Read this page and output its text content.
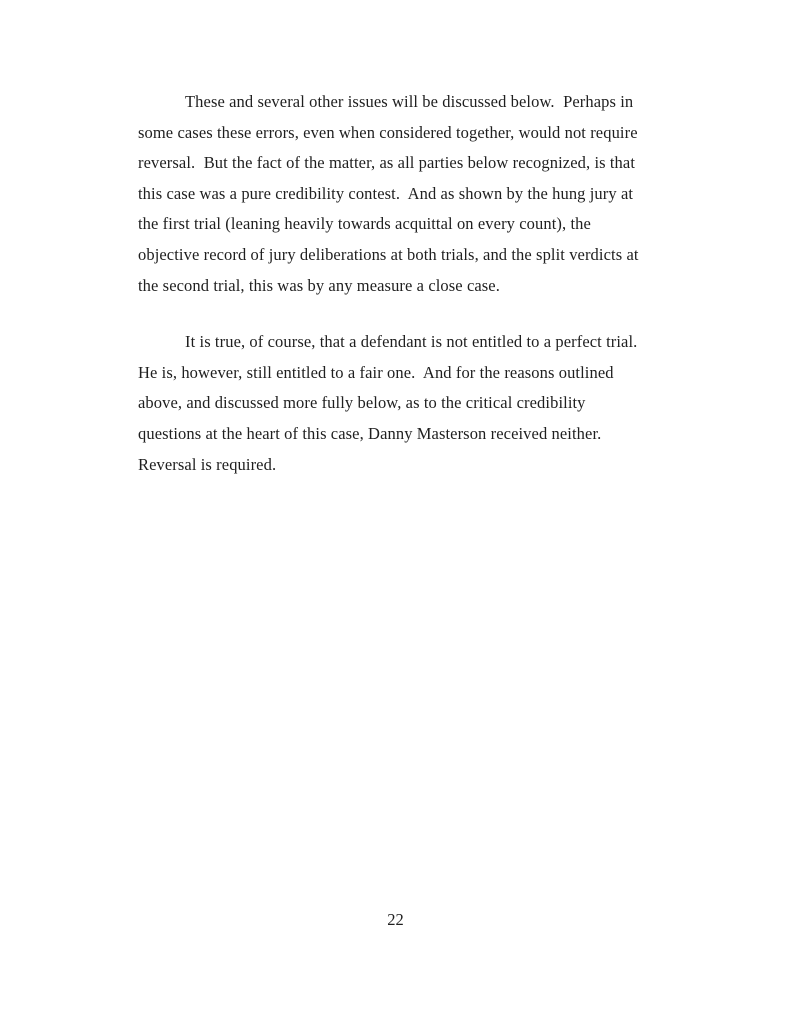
These and several other issues will be discussed below.  Perhaps in
some cases these errors, even when considered together, would not require
reversal.  But the fact of the matter, as all parties below recognized, is that
this case was a pure credibility contest.  And as shown by the hung jury at
the first trial (leaning heavily towards acquittal on every count), the
objective record of jury deliberations at both trials, and the split verdicts at
the second trial, this was by any measure a close case.
It is true, of course, that a defendant is not entitled to a perfect trial.
He is, however, still entitled to a fair one.  And for the reasons outlined
above, and discussed more fully below, as to the critical credibility
questions at the heart of this case, Danny Masterson received neither.
Reversal is required.
22
